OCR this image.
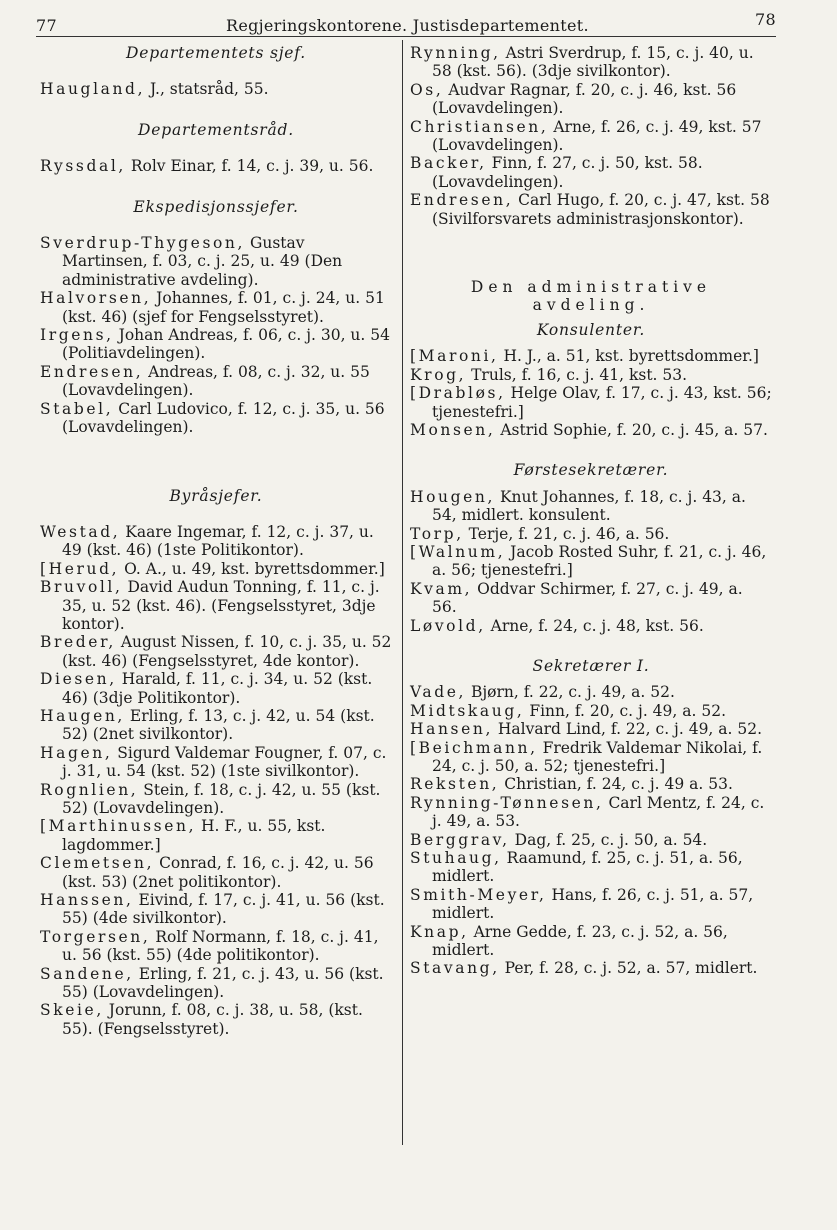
77	Regjeringskontorene. Justisdepartementet.	78

Departementets sjef.

Haugland, J., statsråd, 55.

Departementsråd.

Ryssdal, Rolv Einar, f. 14, c. j. 39, u. 56.

Ekspedisjonssjefer.

Sverdrup-Thygeson, Gustav Martinsen, f. 03, c. j. 25, u. 49 (Den administrative avdeling).

Halvorsen, Johannes, f. 01, c. j. 24, u. 51 (kst. 46) (sjef for Fengselsstyret).

Irgens, Johan Andreas, f. 06, c. j. 30, u. 54 (Politiavdelingen).

Endresen, Andreas, f. 08, c. j. 32, u. 55 (Lovavdelingen).

Stabel, Carl Ludovico, f. 12, c. j. 35, u. 56 (Lovavdelingen).

Byråsjefer.

Westad, Kaare Ingemar, f. 12, c. j. 37, u. 49 (kst. 46) (1ste Politikontor).

[Herud, O. A., u. 49, kst. byrettsdommer.]

Bruvoll, David Audun Tonning, f. 11, c. j. 35, u. 52 (kst. 46). (Fengselsstyret, 3dje kontor).

Breder, August Nissen, f. 10, c. j. 35, u. 52 (kst. 46) (Fengselsstyret, 4de kontor).

Diesen, Harald, f. 11, c. j. 34, u. 52 (kst. 46) (3dje Politikontor).

Haugen, Erling, f. 13, c. j. 42, u. 54 (kst. 52) (2net sivilkontor).

Hagen, Sigurd Valdemar Fougner, f. 07, c. j. 31, u. 54 (kst. 52) (1ste sivilkontor).

Rognlien, Stein, f. 18, c. j. 42, u. 55 (kst. 52) (Lovavdelingen).

[Marthinussen, H. F., u. 55, kst. lagdommer.]

Clemetsen, Conrad, f. 16, c. j. 42, u. 56 (kst. 53) (2net politikontor).

Hanssen, Eivind, f. 17, c. j. 41, u. 56 (kst. 55) (4de sivilkontor).

Torgersen, Rolf Normann, f. 18, c. j. 41, u. 56 (kst. 55) (4de politikontor).

Sandene, Erling, f. 21, c. j. 43, u. 56 (kst. 55) (Lovavdelingen).

Skeie, Jorunn, f. 08, c. j. 38, u. 58, (kst. 55). (Fengselsstyret).

Rynning, Astri Sverdrup, f. 15, c. j. 40, u. 58 (kst. 56). (3dje sivilkontor).

Os, Audvar Ragnar, f. 20, c. j. 46, kst. 56 (Lovavdelingen).

Christiansen, Arne, f. 26, c. j. 49, kst. 57 (Lovavdelingen).

Backer, Finn, f. 27, c. j. 50, kst. 58. (Lovavdelingen).

Endresen, Carl Hugo, f. 20, c. j. 47, kst. 58 (Sivilforsvarets administrasjonskontor).

Den administrative avdeling.

Konsulenter.

[Maroni, H. J., a. 51, kst. byrettsdommer.]

Krog, Truls, f. 16, c. j. 41, kst. 53.

[Drabløs, Helge Olav, f. 17, c. j. 43, kst. 56; tjenestefri.]

Monsen, Astrid Sophie, f. 20, c. j. 45, a. 57.

Førstesekretærer.

Hougen, Knut Johannes, f. 18, c. j. 43, a. 54, midlert. konsulent.

Torp, Terje, f. 21, c. j. 46, a. 56.

[Walnum, Jacob Rosted Suhr, f. 21, c. j. 46, a. 56; tjenestefri.]

Kvam, Oddvar Schirmer, f. 27, c. j. 49, a. 56.

Løvold, Arne, f. 24, c. j. 48, kst. 56.

Sekretærer I.

Vade, Bjørn, f. 22, c. j. 49, a. 52.

Midtskaug, Finn, f. 20, c. j. 49, a. 52.

Hansen, Halvard Lind, f. 22, c. j. 49, a. 52.

[Beichmann, Fredrik Valdemar Nikolai, f. 24, c. j. 50, a. 52; tjenestefri.]

Reksten, Christian, f. 24, c. j. 49 a. 53.

Rynning-Tønnesen, Carl Mentz, f. 24, c. j. 49, a. 53.

Berggrav, Dag, f. 25, c. j. 50, a. 54.

Stuhaug, Raamund, f. 25, c. j. 51, a. 56, midlert.

Smith-Meyer, Hans, f. 26, c. j. 51, a. 57, midlert.

Knap, Arne Gedde, f. 23, c. j. 52, a. 56, midlert.

Stavang, Per, f. 28, c. j. 52, a. 57, midlert.
